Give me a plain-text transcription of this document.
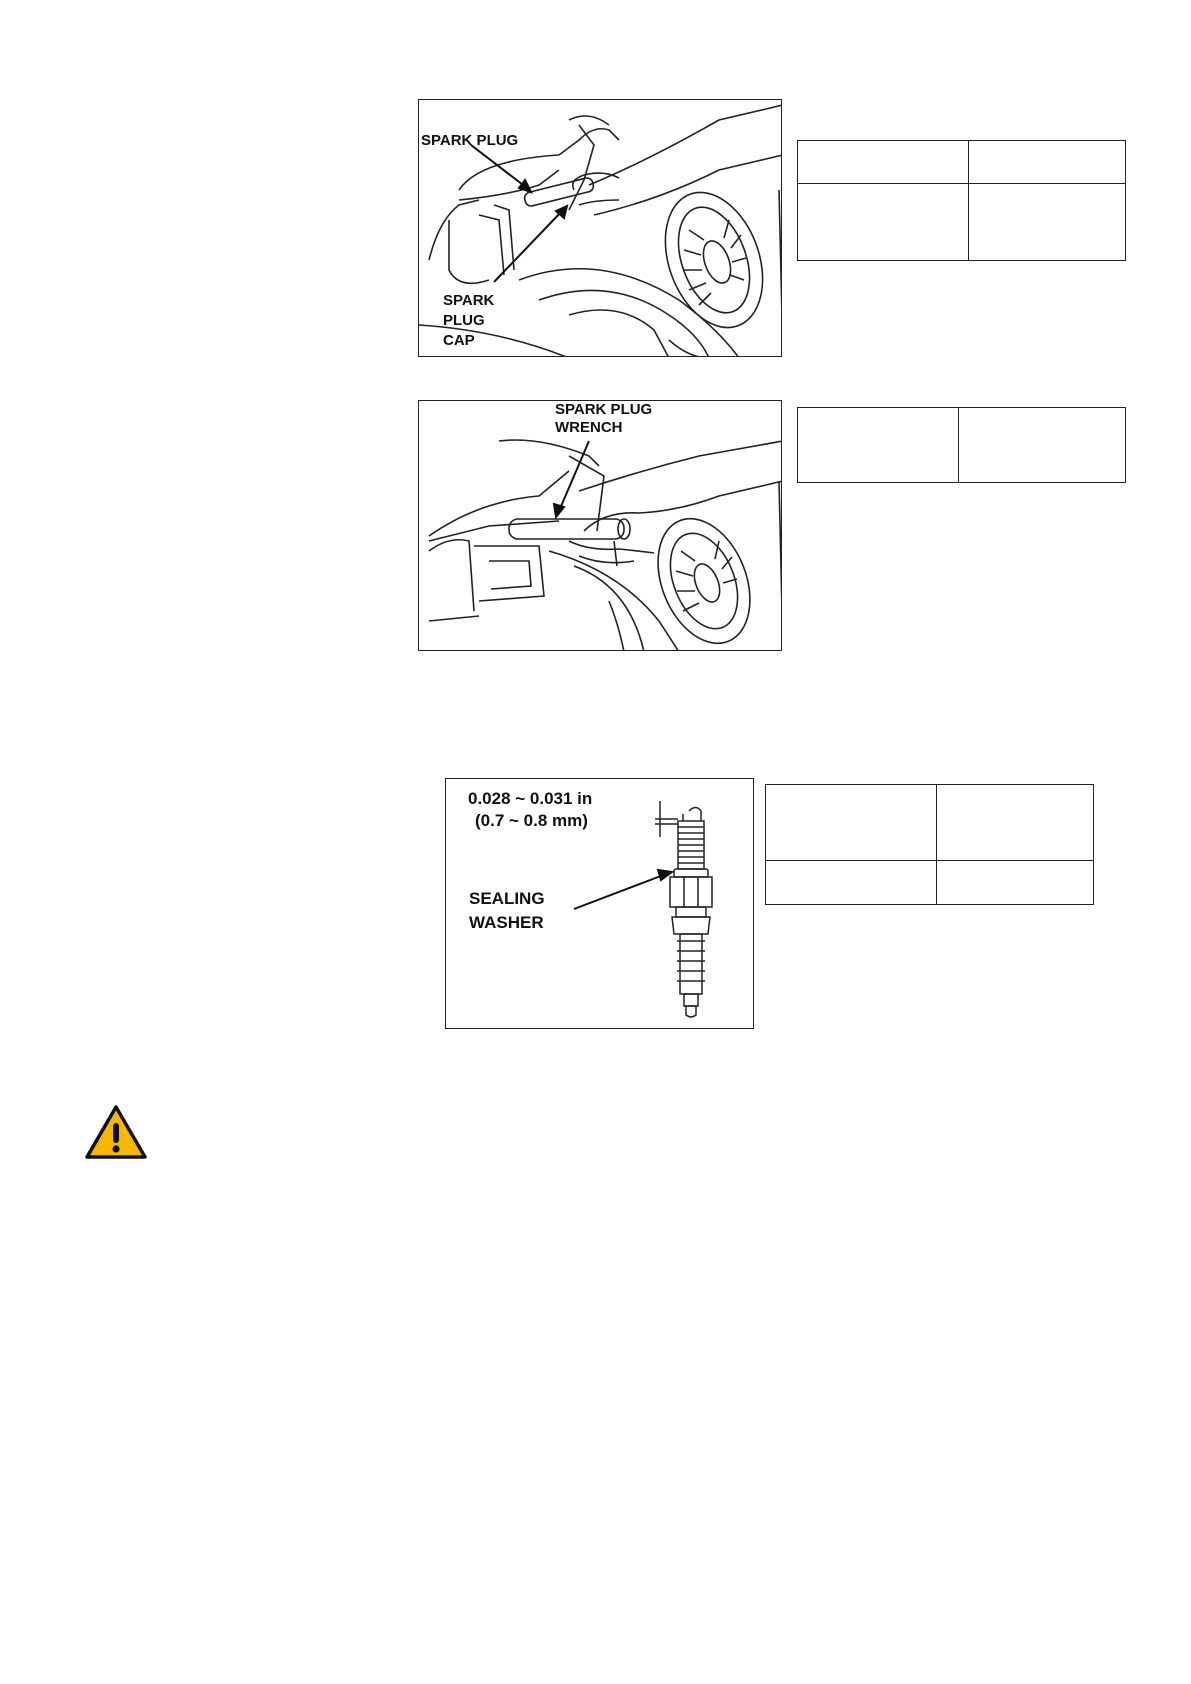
SPARK PLUG
SPARK
PLUG
CAP

SPARK PLUG
WRENCH

0.028 ~ 0.031 in
(0.7 ~ 0.8 mm)
SEALING
WASHER
